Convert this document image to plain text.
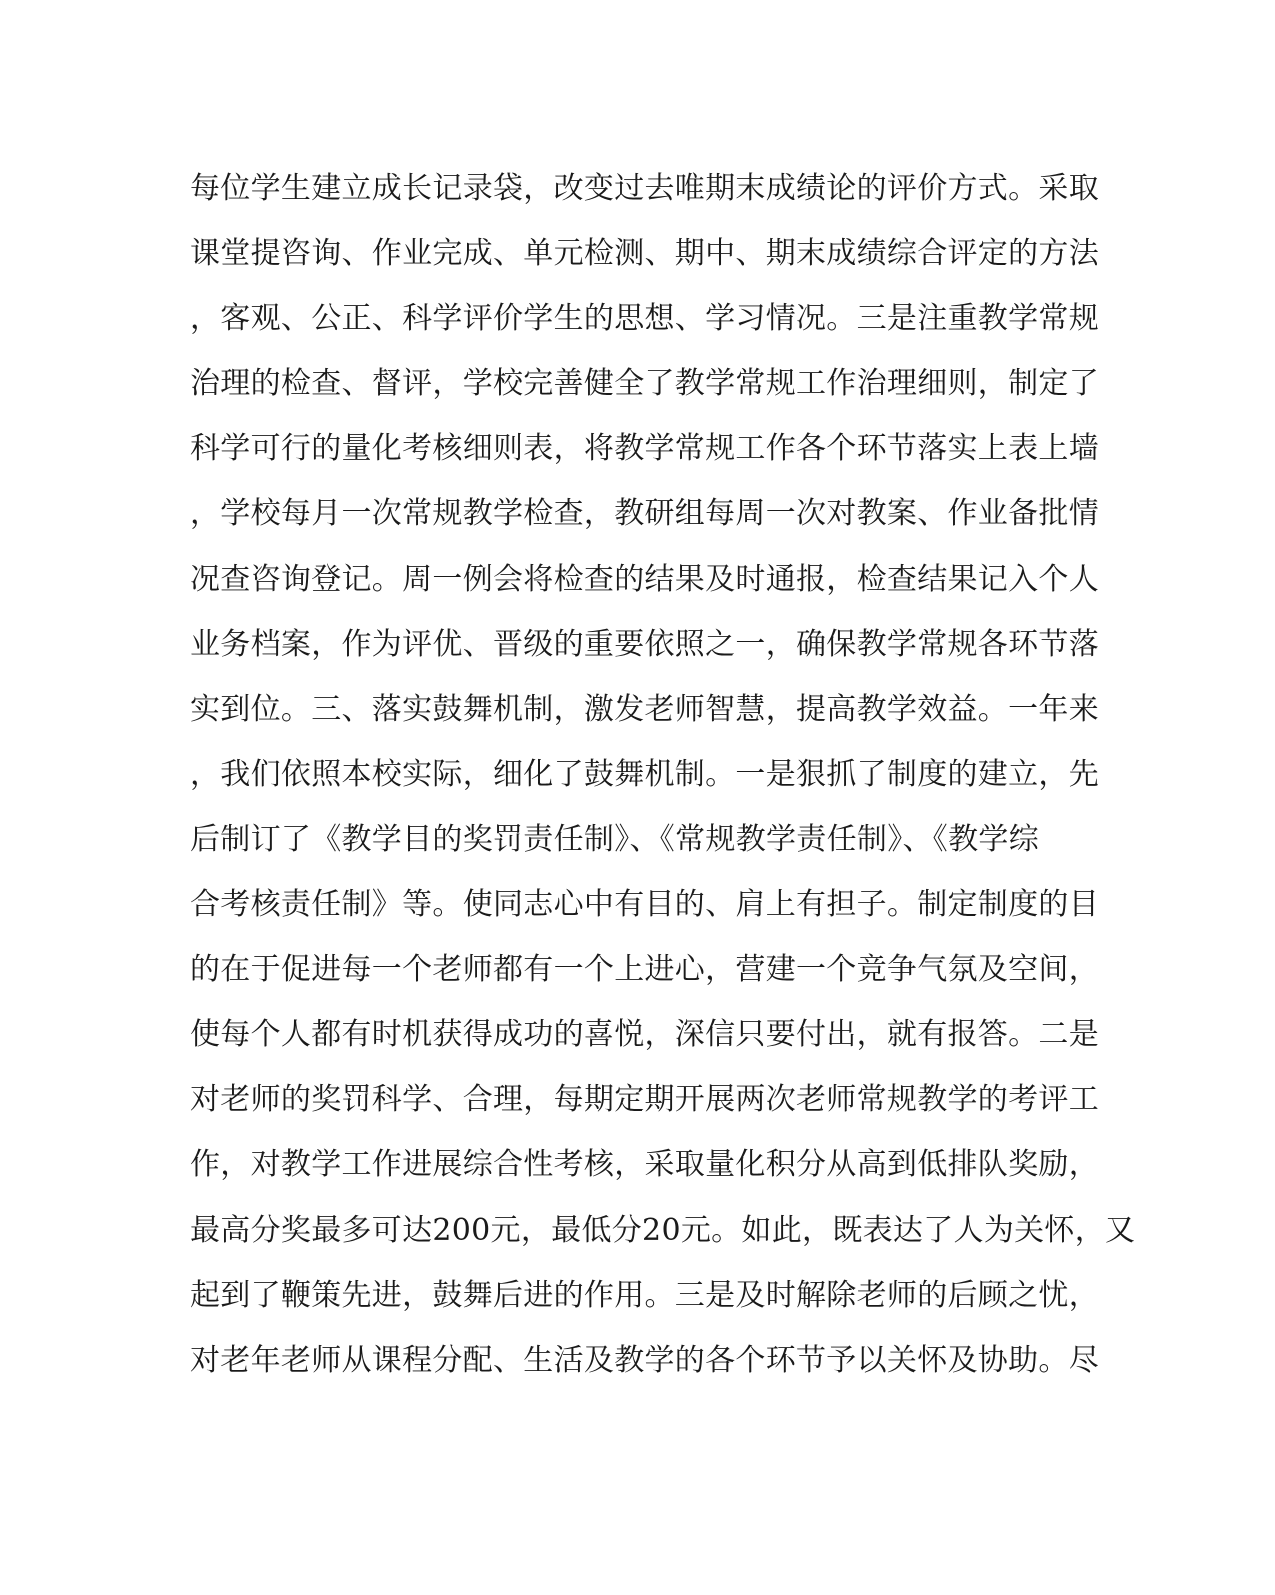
每位学生建立成长记录袋，改变过去唯期末成绩论的评价方式。采取
课堂提咨询、作业完成、单元检测、期中、期末成绩综合评定的方法
，客观、公正、科学评价学生的思想、学习情况。三是注重教学常规
治理的检查、督评，学校完善健全了教学常规工作治理细则，制定了
科学可行的量化考核细则表，将教学常规工作各个环节落实上表上墙
，学校每月一次常规教学检查，教研组每周一次对教案、作业备批情
况查咨询登记。周一例会将检查的结果及时通报，检查结果记入个人
业务档案，作为评优、晋级的重要依照之一，确保教学常规各环节落
实到位。三、落实鼓舞机制，激发老师智慧，提高教学效益。一年来
，我们依照本校实际，细化了鼓舞机制。一是狠抓了制度的建立，先
后制订了《教学目的奖罚责任制》、《常规教学责任制》、《教学综
合考核责任制》等。使同志心中有目的、肩上有担子。制定制度的目
的在于促进每一个老师都有一个上进心，营建一个竞争气氛及空间，
使每个人都有时机获得成功的喜悦，深信只要付出，就有报答。二是
对老师的奖罚科学、合理，每期定期开展两次老师常规教学的考评工
作，对教学工作进展综合性考核，采取量化积分从高到低排队奖励，
最高分奖最多可达200元，最低分20元。如此，既表达了人为关怀，又
起到了鞭策先进，鼓舞后进的作用。三是及时解除老师的后顾之忧，
对老年老师从课程分配、生活及教学的各个环节予以关怀及协助。尽
